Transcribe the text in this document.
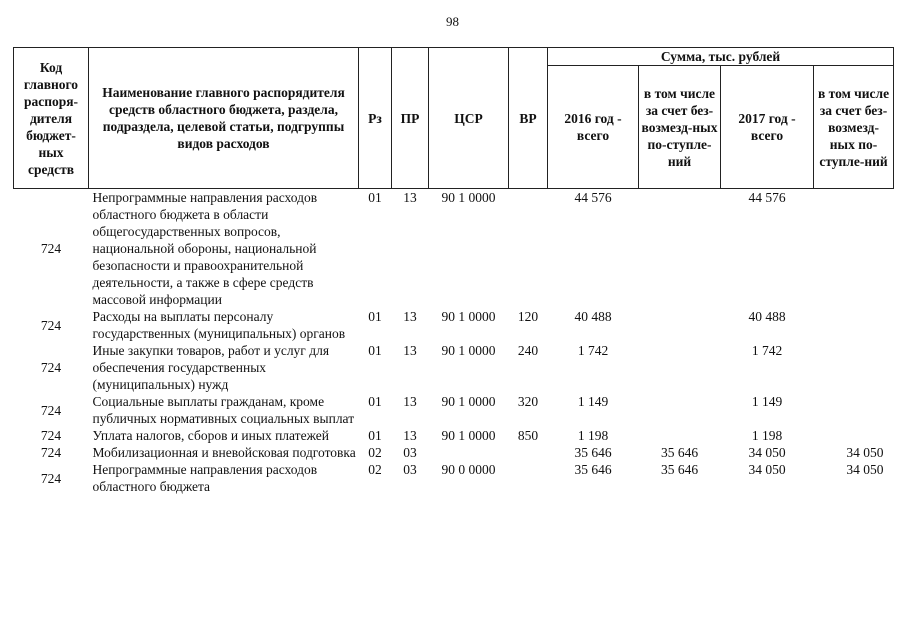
98
Код главного распоря-дителя бюджет-ных средств	Наименование главного распорядителя средств областного бюджета, раздела, подраздела, целевой статьи, подгруппы видов расходов	Рз	ПР	ЦСР	ВР	Сумма, тыс. рублей			
						2016 год - всего	в том числе за счет без-возмезд-ных по-ступле-ний	2017 год - всего	в том числе за счет без-возмезд-ных по-ступле-ний
724	Непрограммные направления расходов областного бюджета в области общегосударственных вопросов, национальной обороны, национальной безопасности и правоохранительной деятельности, а также в сфере средств массовой информации	01	13	90 1 0000		44 576		44 576	
724	Расходы на выплаты персоналу государственных (муниципальных) органов	01	13	90 1 0000	120	40 488		40 488	
724	Иные закупки товаров, работ и услуг для обеспечения государственных (муниципальных) нужд	01	13	90 1 0000	240	1 742		1 742	
724	Социальные выплаты гражданам, кроме публичных нормативных социальных выплат	01	13	90 1 0000	320	1 149		1 149	
724	Уплата налогов, сборов и иных платежей	01	13	90 1 0000	850	1 198		1 198	
724	Мобилизационная и вневойсковая подготовка	02	03			35 646	35 646	34 050	34 050
724	Непрограммные направления расходов областного бюджета	02	03	90 0 0000		35 646	35 646	34 050	34 050
